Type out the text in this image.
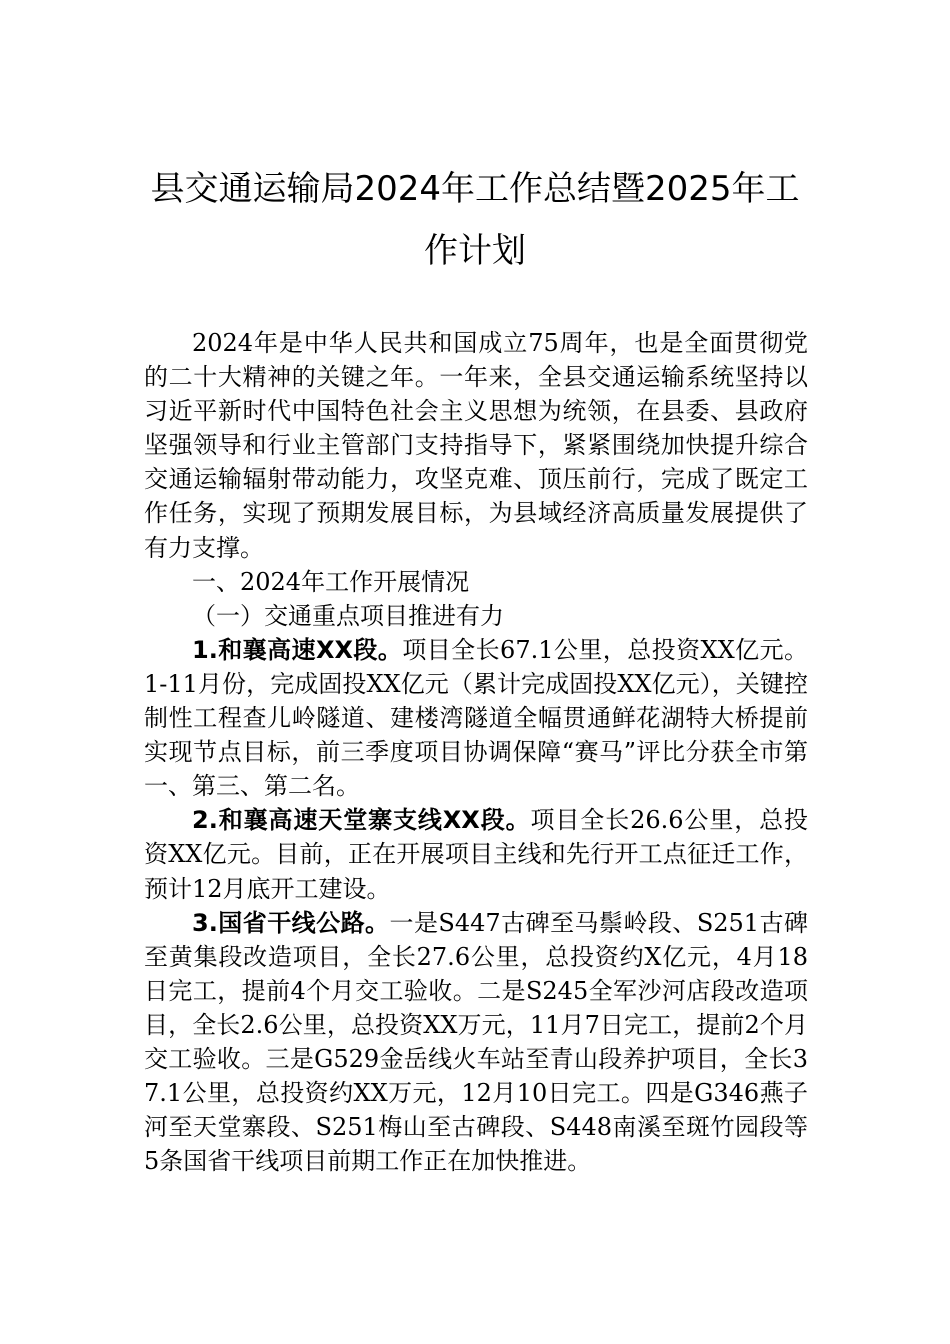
县交通运输局2024年工作总结暨2025年工
作计划

2024年是中华人民共和国成立75周年，也是全面贯彻党的二十大精神的关键之年。一年来，全县交通运输系统坚持以习近平新时代中国特色社会主义思想为统领，在县委、县政府坚强领导和行业主管部门支持指导下，紧紧围绕加快提升综合交通运输辐射带动能力，攻坚克难、顶压前行，完成了既定工作任务，实现了预期发展目标，为县域经济高质量发展提供了有力支撑。

一、2024年工作开展情况

（一）交通重点项目推进有力

1.和襄高速XX段。项目全长67.1公里，总投资XX亿元。1-11月份，完成固投XX亿元（累计完成固投XX亿元），关键控制性工程查儿岭隧道、建楼湾隧道全幅贯通鲜花湖特大桥提前实现节点目标，前三季度项目协调保障“赛马”评比分获全市第一、第三、第二名。

2.和襄高速天堂寨支线XX段。项目全长26.6公里，总投资XX亿元。目前，正在开展项目主线和先行开工点征迁工作，预计12月底开工建设。

3.国省干线公路。一是S447古碑至马鬃岭段、S251古碑至黄集段改造项目，全长27.6公里，总投资约X亿元，4月18日完工，提前4个月交工验收。二是S245全军沙河店段改造项目，全长2.6公里，总投资XX万元，11月7日完工，提前2个月交工验收。三是G529金岳线火车站至青山段养护项目，全长37.1公里，总投资约XX万元，12月10日完工。四是G346燕子河至天堂寨段、S251梅山至古碑段、S448南溪至斑竹园段等5条国省干线项目前期工作正在加快推进。
